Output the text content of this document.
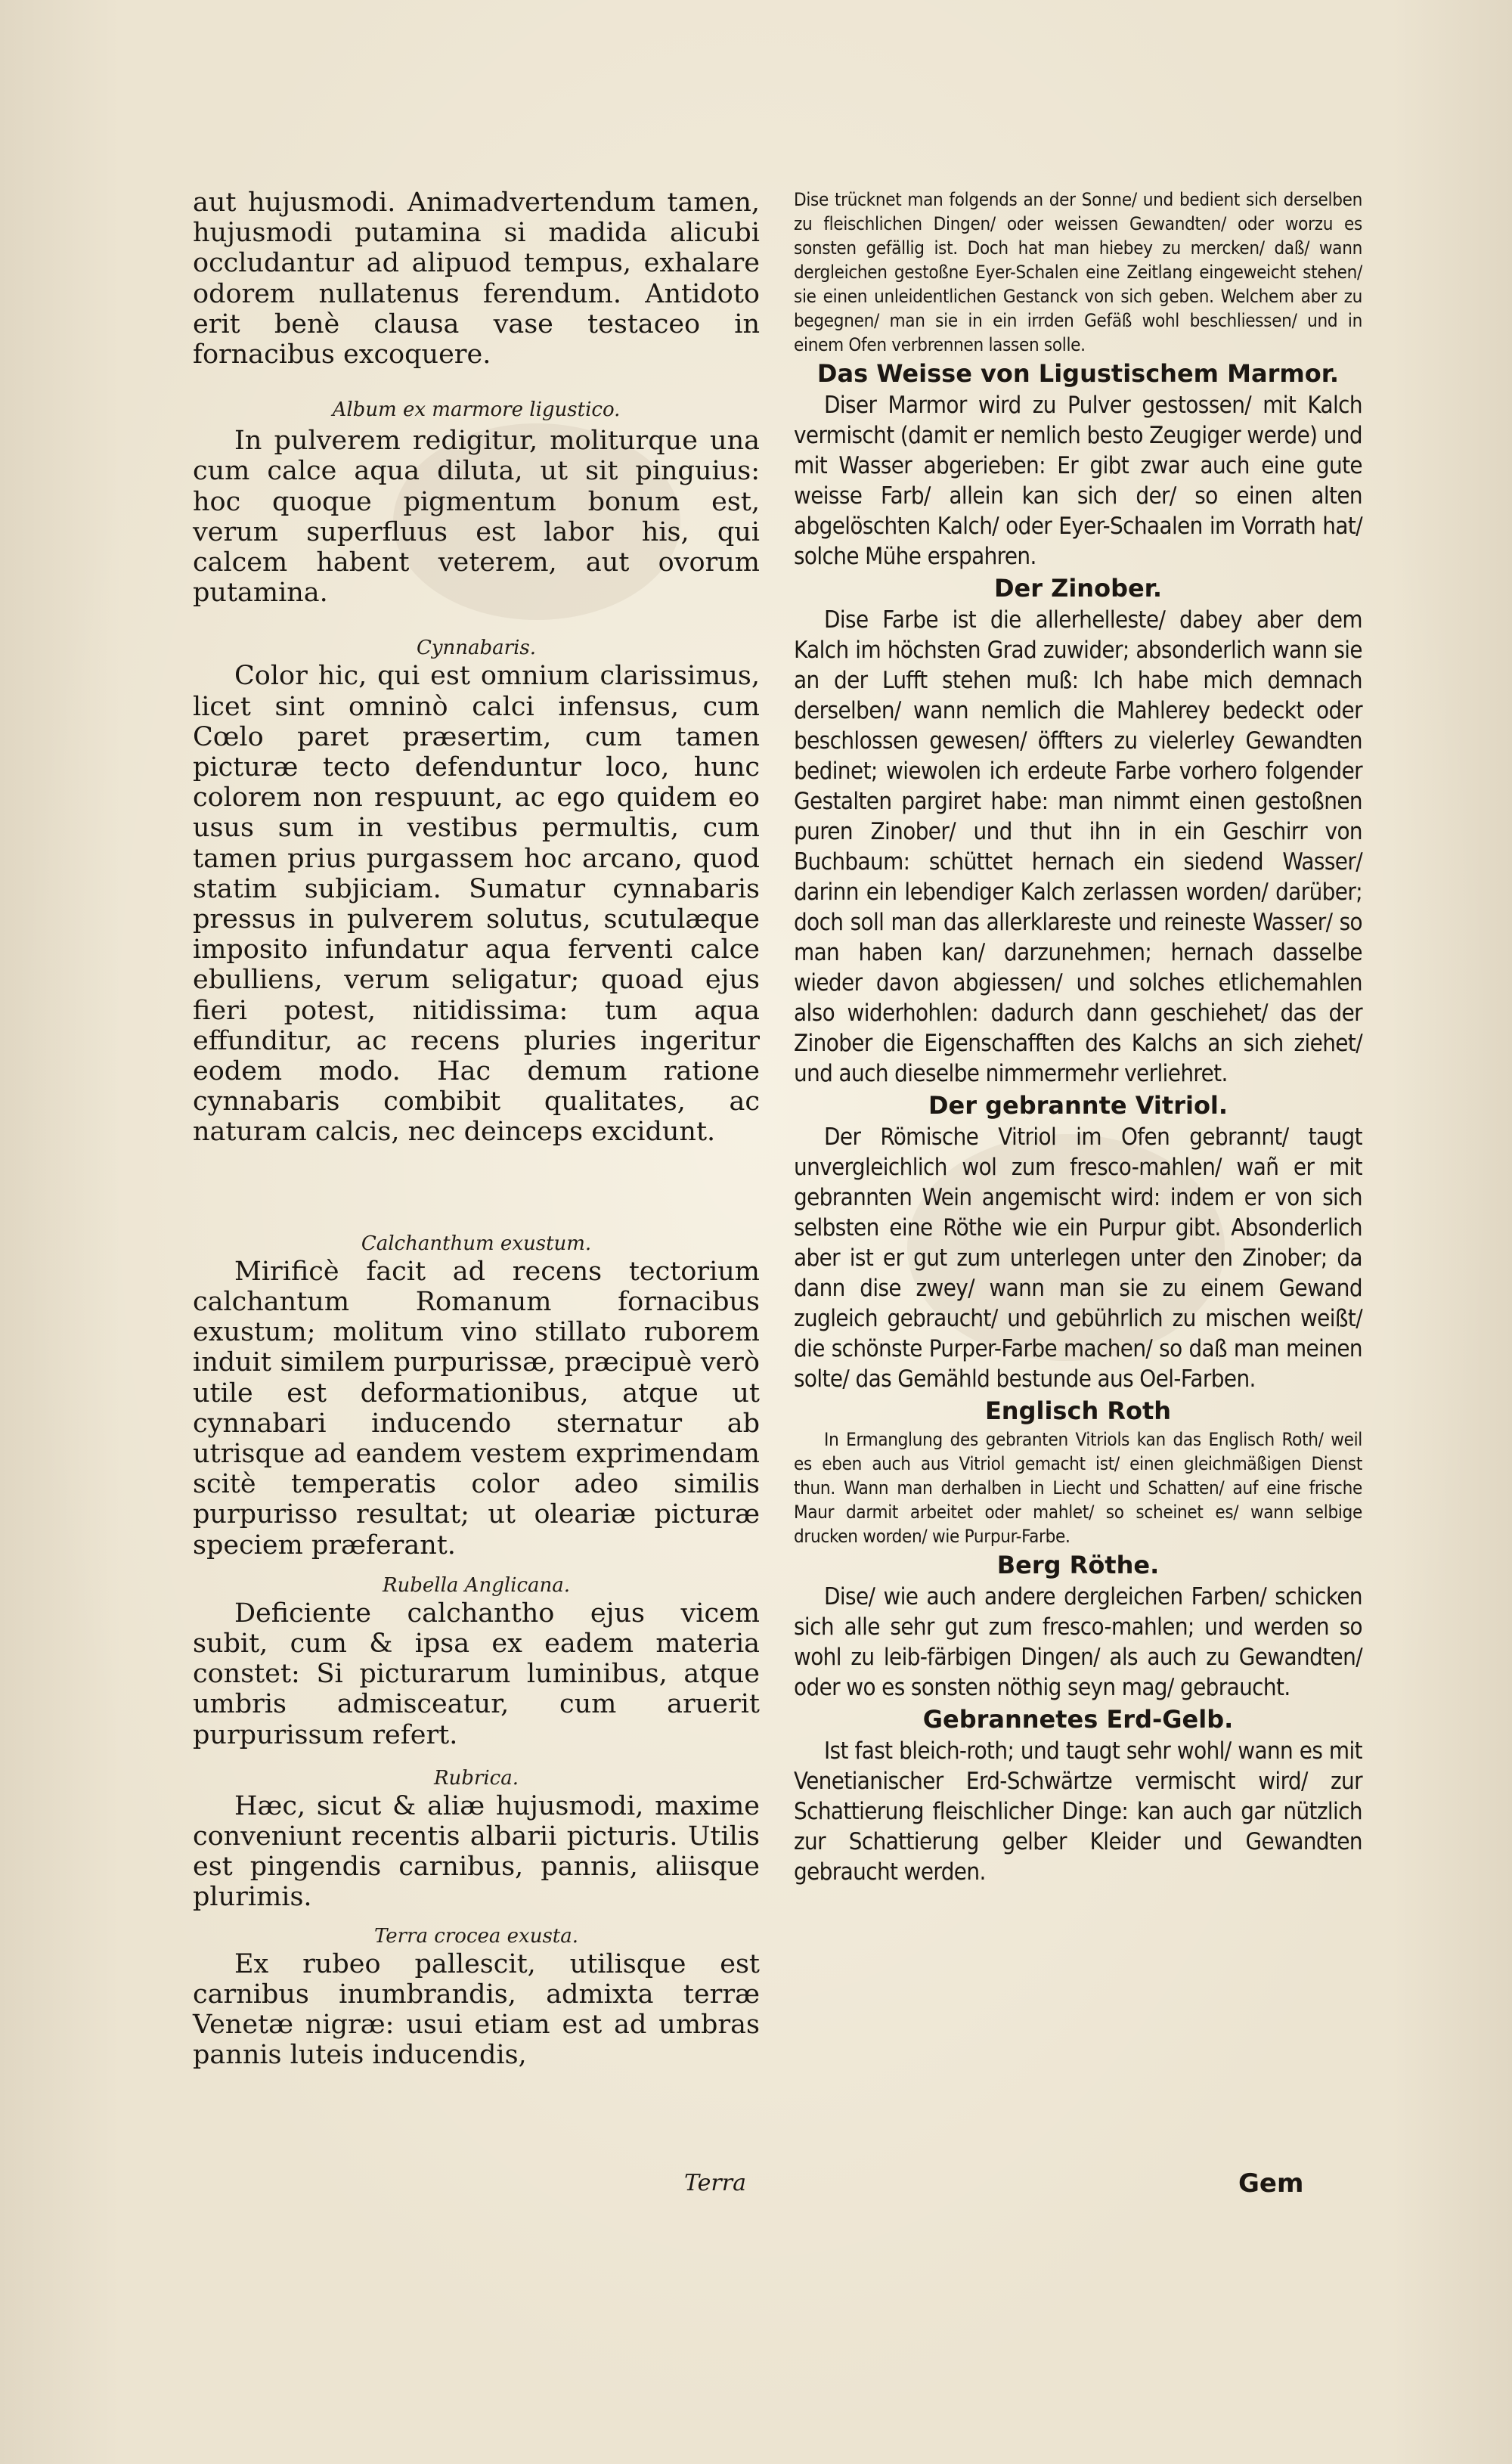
aut hujusmodi. Animadvertendum tamen, hujusmodi putamina si madida alicubi occludantur ad alipuod tempus, exhalare odorem nullatenus ferendum. Antidoto erit benè clausa vase testaceo in fornacibus excoquere.

Album ex marmore ligustico.

In pulverem redigitur, moliturque una cum calce aqua diluta, ut sit pinguius: hoc quoque pigmentum bonum est, verum superfluus est labor his, qui calcem habent veterem, aut ovorum putamina.

Cynnabaris.

Color hic, qui est omnium clarissimus, licet sint omninò calci infensus, cum Cœlo paret præsertim, cum tamen picturæ tecto defenduntur loco, hunc colorem non respuunt, ac ego quidem eo usus sum in vestibus permultis, cum tamen prius purgassem hoc arcano, quod statim subjiciam. Sumatur cynnabaris pressus in pulverem solutus, scutulæque imposito infundatur aqua ferventi calce ebulliens, verum seligatur; quoad ejus fieri potest, nitidissima: tum aqua effunditur, ac recens pluries ingeritur eodem modo. Hac demum ratione cynnabaris combibit qualitates, ac naturam calcis, nec deinceps excidunt.

Calchanthum exustum.

Mirificè facit ad recens tectorium calchantum Romanum fornacibus exustum; molitum vino stillato ruborem induit similem purpurissæ, præcipuè verò utile est deformationibus, atque ut cynnabari inducendo sternatur ab utrisque ad eandem vestem exprimendam scitè temperatis color adeo similis purpurisso resultat; ut oleariæ picturæ speciem præferant.

Rubella Anglicana.

Deficiente calchantho ejus vicem subit, cum & ipsa ex eadem materia constet: Si picturarum luminibus, atque umbris admisceatur, cum aruerit purpurissum refert.

Rubrica.

Hæc, sicut & aliæ hujusmodi, maxime conveniunt recentis albarii picturis. Utilis est pingendis carnibus, pannis, aliisque plurimis.

Terra crocea exusta.

Ex rubeo pallescit, utilisque est carnibus inumbrandis, admixta terræ Venetæ nigræ: usui etiam est ad umbras pannis luteis inducendis,

Dise trücknet man folgends an der Sonne/ und bedient sich derselben zu fleischlichen Dingen/ oder weissen Gewandten/ oder worzu es sonsten gefällig ist. Doch hat man hiebey zu mercken/ daß/ wann dergleichen gestoßne Eyer-Schalen eine Zeitlang eingeweicht stehen/ sie einen unleidentlichen Gestanck von sich geben. Welchem aber zu begegnen/ man sie in ein irrden Gefäß wohl beschliessen/ und in einem Ofen verbrennen lassen solle.

Das Weisse von Ligustischem Marmor.

Diser Marmor wird zu Pulver gestossen/ mit Kalch vermischt (damit er nemlich besto Zeugiger werde) und mit Wasser abgerieben: Er gibt zwar auch eine gute weisse Farb/ allein kan sich der/ so einen alten abgelöschten Kalch/ oder Eyer-Schaalen im Vorrath hat/ solche Mühe erspahren.

Der Zinober.

Dise Farbe ist die allerhelleste/ dabey aber dem Kalch im höchsten Grad zuwider; absonderlich wann sie an der Lufft stehen muß: Ich habe mich demnach derselben/ wann nemlich die Mahlerey bedeckt oder beschlossen gewesen/ öffters zu vielerley Gewandten bedinet; wiewolen ich erdeute Farbe vorhero folgender Gestalten pargiret habe: man nimmt einen gestoßnen puren Zinober/ und thut ihn in ein Geschirr von Buchbaum: schüttet hernach ein siedend Wasser/ darinn ein lebendiger Kalch zerlassen worden/ darüber; doch soll man das allerklareste und reineste Wasser/ so man haben kan/ darzunehmen; hernach dasselbe wieder davon abgiessen/ und solches etlichemahlen also widerhohlen: dadurch dann geschiehet/ das der Zinober die Eigenschafften des Kalchs an sich ziehet/ und auch dieselbe nimmermehr verliehret.

Der gebrannte Vitriol.

Der Römische Vitriol im Ofen gebrannt/ taugt unvergleichlich wol zum fresco-mahlen/ wañ er mit gebrannten Wein angemischt wird: indem er von sich selbsten eine Röthe wie ein Purpur gibt. Absonderlich aber ist er gut zum unterlegen unter den Zinober; da dann dise zwey/ wann man sie zu einem Gewand zugleich gebraucht/ und gebührlich zu mischen weißt/ die schönste Purper-Farbe machen/ so daß man meinen solte/ das Gemähld bestunde aus Oel-Farben.

Englisch Roth

In Ermanglung des gebranten Vitriols kan das Englisch Roth/ weil es eben auch aus Vitriol gemacht ist/ einen gleichmäßigen Dienst thun. Wann man derhalben in Liecht und Schatten/ auf eine frische Maur darmit arbeitet oder mahlet/ so scheinet es/ wann selbige drucken worden/ wie Purpur-Farbe.

Berg Röthe.

Dise/ wie auch andere dergleichen Farben/ schicken sich alle sehr gut zum fresco-mahlen; und werden so wohl zu leib-färbigen Dingen/ als auch zu Gewandten/ oder wo es sonsten nöthig seyn mag/ gebraucht.

Gebrannetes Erd-Gelb.

Ist fast bleich-roth; und taugt sehr wohl/ wann es mit Venetianischer Erd-Schwärtze vermischt wird/ zur Schattierung fleischlicher Dinge: kan auch gar nützlich zur Schattierung gelber Kleider und Gewandten gebraucht werden.

Terra	Gem
